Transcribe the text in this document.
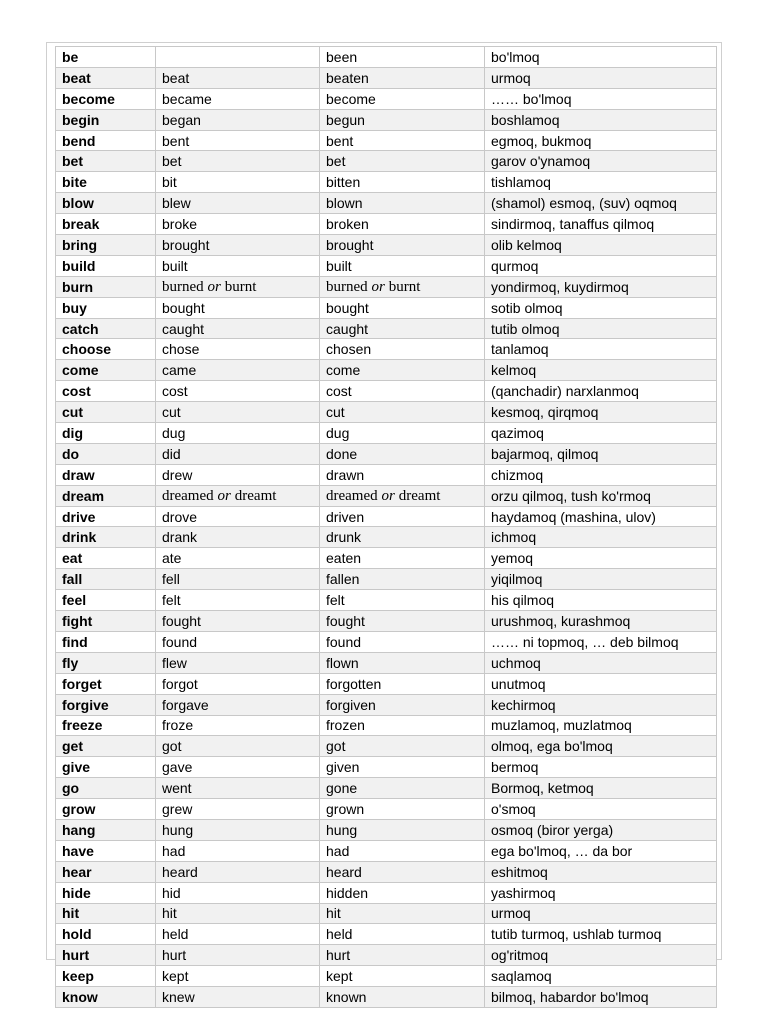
be		been	bo'lmoq
beat	beat	beaten	urmoq
become	became	become	…… bo'lmoq
begin	began	begun	boshlamoq
bend	bent	bent	egmoq, bukmoq
bet	bet	bet	garov o'ynamoq
bite	bit	bitten	tishlamoq
blow	blew	blown	(shamol) esmoq, (suv) oqmoq
break	broke	broken	sindirmoq, tanaffus qilmoq
bring	brought	brought	olib kelmoq
build	built	built	qurmoq
burn	burned or burnt	burned or burnt	yondirmoq, kuydirmoq
buy	bought	bought	sotib olmoq
catch	caught	caught	tutib olmoq
choose	chose	chosen	tanlamoq
come	came	come	kelmoq
cost	cost	cost	(qanchadir) narxlanmoq
cut	cut	cut	kesmoq, qirqmoq
dig	dug	dug	qazimoq
do	did	done	bajarmoq, qilmoq
draw	drew	drawn	chizmoq
dream	dreamed or dreamt	dreamed or dreamt	orzu qilmoq, tush ko'rmoq
drive	drove	driven	haydamoq (mashina, ulov)
drink	drank	drunk	ichmoq
eat	ate	eaten	yemoq
fall	fell	fallen	yiqilmoq
feel	felt	felt	his qilmoq
fight	fought	fought	urushmoq, kurashmoq
find	found	found	…… ni topmoq, … deb bilmoq
fly	flew	flown	uchmoq
forget	forgot	forgotten	unutmoq
forgive	forgave	forgiven	kechirmoq
freeze	froze	frozen	muzlamoq, muzlatmoq
get	got	got	olmoq, ega bo'lmoq
give	gave	given	bermoq
go	went	gone	Bormoq, ketmoq
grow	grew	grown	o'smoq
hang	hung	hung	osmoq (biror yerga)
have	had	had	ega bo'lmoq, … da bor
hear	heard	heard	eshitmoq
hide	hid	hidden	yashirmoq
hit	hit	hit	urmoq
hold	held	held	tutib turmoq, ushlab turmoq
hurt	hurt	hurt	og'ritmoq
keep	kept	kept	saqlamoq
know	knew	known	bilmoq, habardor bo'lmoq
